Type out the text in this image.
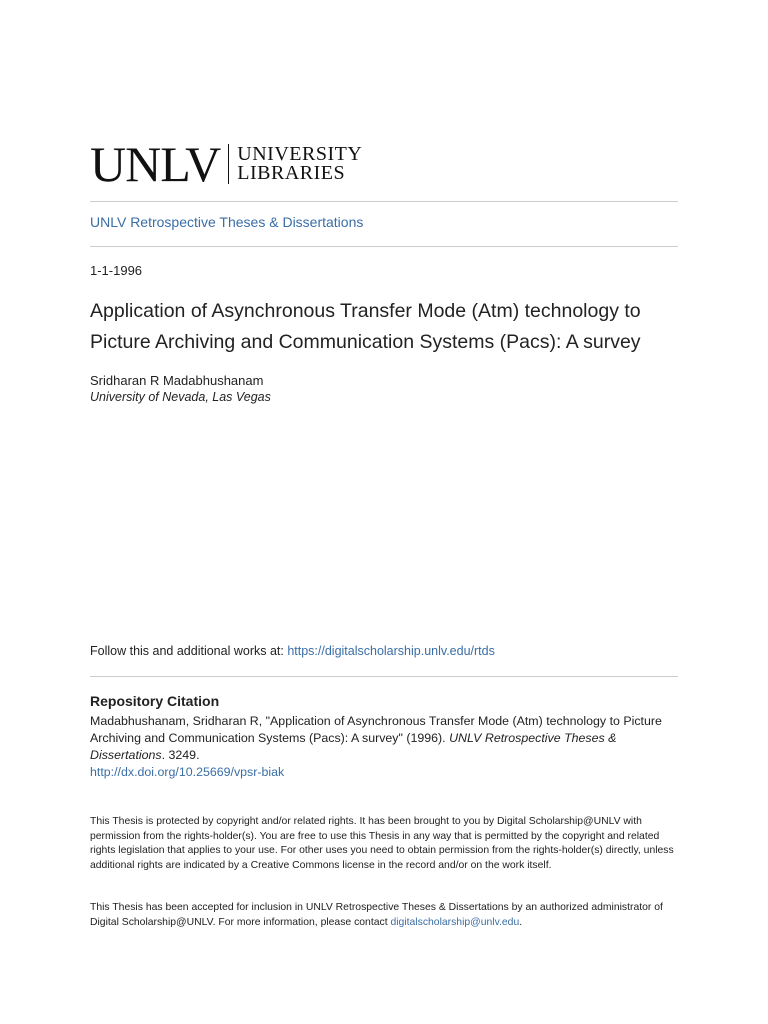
UNLV UNIVERSITY
LIBRARIES
UNLV Retrospective Theses & Dissertations
1-1-1996
Application of Asynchronous Transfer Mode (Atm) technology to Picture Archiving and Communication Systems (Pacs): A survey
Sridharan R Madabhushanam
University of Nevada, Las Vegas
Follow this and additional works at: https://digitalscholarship.unlv.edu/rtds
Repository Citation
Madabhushanam, Sridharan R, "Application of Asynchronous Transfer Mode (Atm) technology to Picture Archiving and Communication Systems (Pacs): A survey" (1996). UNLV Retrospective Theses & Dissertations. 3249.
http://dx.doi.org/10.25669/vpsr-biak
This Thesis is protected by copyright and/or related rights. It has been brought to you by Digital Scholarship@UNLV with permission from the rights-holder(s). You are free to use this Thesis in any way that is permitted by the copyright and related rights legislation that applies to your use. For other uses you need to obtain permission from the rights-holder(s) directly, unless additional rights are indicated by a Creative Commons license in the record and/or on the work itself.
This Thesis has been accepted for inclusion in UNLV Retrospective Theses & Dissertations by an authorized administrator of Digital Scholarship@UNLV. For more information, please contact digitalscholarship@unlv.edu.
